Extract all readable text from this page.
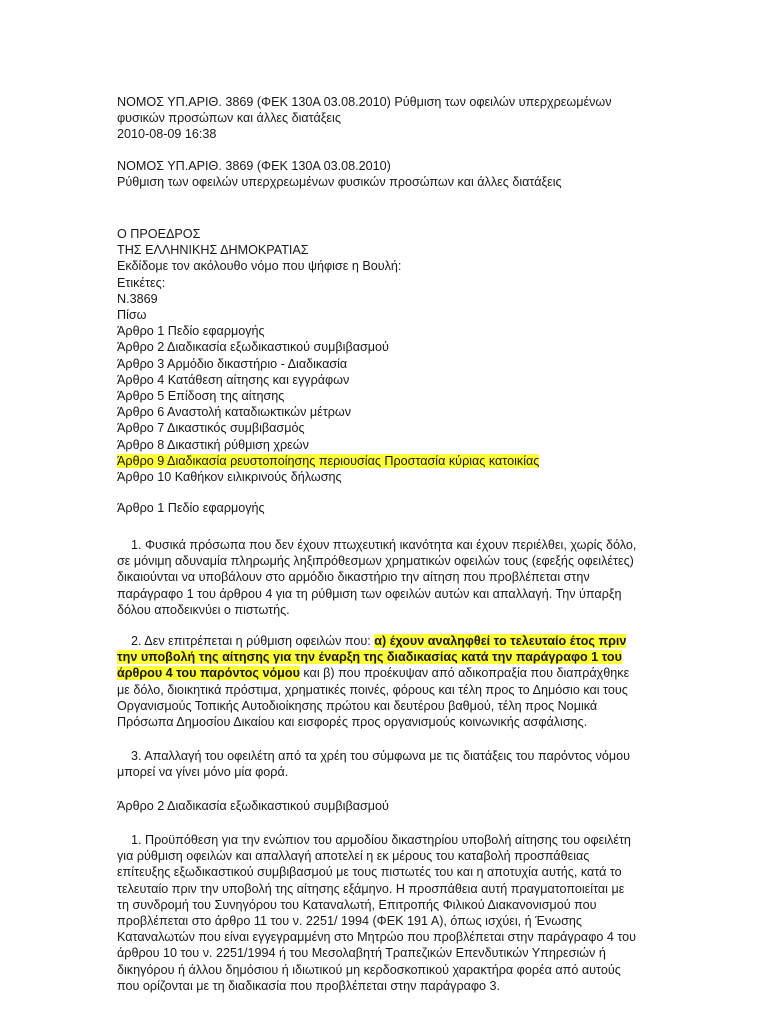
ΝΟΜΟΣ ΥΠ.ΑΡΙΘ. 3869 (ΦΕΚ 130Α 03.08.2010) Ρύθμιση των οφειλών υπερχρεωμένων
φυσικών προσώπων και άλλες διατάξεις
2010-08-09 16:38
ΝΟΜΟΣ ΥΠ.ΑΡΙΘ. 3869 (ΦΕΚ 130Α 03.08.2010)
Ρύθμιση των οφειλών υπερχρεωμένων φυσικών προσώπων και άλλες διατάξεις
Ο ΠΡΟΕΔΡΟΣ
ΤΗΣ ΕΛΛΗΝΙΚΗΣ ΔΗΜΟΚΡΑΤΙΑΣ
Εκδίδομε τον ακόλουθο νόμο που ψήφισε η Βουλή:
Ετικέτες:
Ν.3869
Πίσω
Άρθρο 1 Πεδίο εφαρμογής
Άρθρο 2 Διαδικασία εξωδικαστικού συμβιβασμού
Άρθρο 3 Αρμόδιο δικαστήριο - Διαδικασία
Άρθρο 4 Κατάθεση αίτησης και εγγράφων
Άρθρο 5 Επίδοση της αίτησης
Άρθρο 6 Αναστολή καταδιωκτικών μέτρων
Άρθρο 7 Δικαστικός συμβιβασμός
Άρθρο 8 Δικαστική ρύθμιση χρεών
Άρθρο 9 Διαδικασία ρευστοποίησης περιουσίας Προστασία κύριας κατοικίας
Άρθρο 10 Καθήκον ειλικρινούς δήλωσης
Άρθρο 1 Πεδίο εφαρμογής
1. Φυσικά πρόσωπα που δεν έχουν πτωχευτική ικανότητα και έχουν περιέλθει, χωρίς δόλο,
σε μόνιμη αδυναμία πληρωμής ληξιπρόθεσμων χρηματικών οφειλών τους (εφεξής οφειλέτες)
δικαιούνται να υποβάλουν στο αρμόδιο δικαστήριο την αίτηση που προβλέπεται στην
παράγραφο 1 του άρθρου 4 για τη ρύθμιση των οφειλών αυτών και απαλλαγή. Την ύπαρξη
δόλου αποδεικνύει ο πιστωτής.
2. Δεν επιτρέπεται η ρύθμιση οφειλών που: α) έχουν αναληφθεί το τελευταίο έτος πριν
την υποβολή της αίτησης για την έναρξη της διαδικασίας κατά την παράγραφο 1 του
άρθρου 4 του παρόντος νόμου και β) που προέκυψαν από αδικοπραξία που διαπράχθηκε
με δόλο, διοικητικά πρόστιμα, χρηματικές ποινές, φόρους και τέλη προς το Δημόσιο και τους
Οργανισμούς Τοπικής Αυτοδιοίκησης πρώτου και δευτέρου βαθμού, τέλη προς Νομικά
Πρόσωπα Δημοσίου Δικαίου και εισφορές προς οργανισμούς κοινωνικής ασφάλισης.
3. Απαλλαγή του οφειλέτη από τα χρέη του σύμφωνα με τις διατάξεις του παρόντος νόμου
μπορεί να γίνει μόνο μία φορά.
Άρθρο 2 Διαδικασία εξωδικαστικού συμβιβασμού
1. Προϋπόθεση για την ενώπιον του αρμοδίου δικαστηρίου υποβολή αίτησης του οφειλέτη
για ρύθμιση οφειλών και απαλλαγή αποτελεί η εκ μέρους του καταβολή προσπάθειας
επίτευξης εξωδικαστικού συμβιβασμού με τους πιστωτές του και η αποτυχία αυτής, κατά το
τελευταίο πριν την υποβολή της αίτησης εξάμηνο. Η προσπάθεια αυτή πραγματοποιείται με
τη συνδρομή του Συνηγόρου του Καταναλωτή, Επιτροπής Φιλικού Διακανονισμού που
προβλέπεται στο άρθρο 11 του ν. 2251/ 1994 (ΦΕΚ 191 Α), όπως ισχύει, ή Ένωσης
Καταναλωτών που είναι εγγεγραμμένη στο Μητρώο που προβλέπεται στην παράγραφο 4 του
άρθρου 10 του ν. 2251/1994 ή του Μεσολαβητή Τραπεζικών Επενδυτικών Υπηρεσιών ή
δικηγόρου ή άλλου δημόσιου ή ιδιωτικού μη κερδοσκοπικού χαρακτήρα φορέα από αυτούς
που ορίζονται με τη διαδικασία που προβλέπεται στην παράγραφο 3.
